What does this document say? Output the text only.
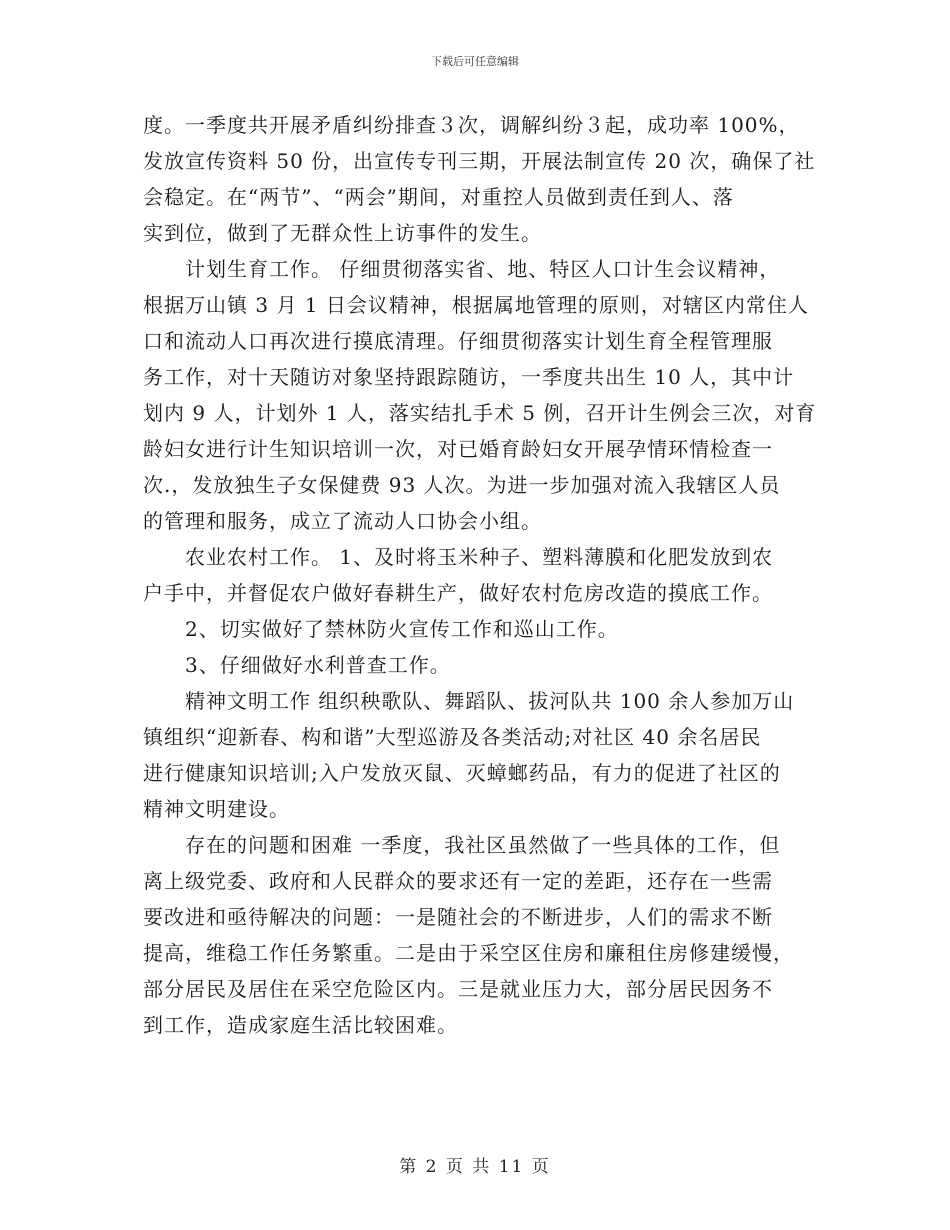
下载后可任意编辑
度。一季度共开展矛盾纠纷排查３次，调解纠纷３起，成功率 100%，
发放宣传资料 50 份，出宣传专刊三期，开展法制宣传 20 次，确保了社
会稳定。在“两节”、“两会”期间，对重控人员做到责任到人、落
实到位，做到了无群众性上访事件的发生。
计划生育工作。 仔细贯彻落实省、地、特区人口计生会议精神，
根据万山镇 3 月 1 日会议精神，根据属地管理的原则，对辖区内常住人
口和流动人口再次进行摸底清理。仔细贯彻落实计划生育全程管理服
务工作，对十天随访对象坚持跟踪随访，一季度共出生 10 人，其中计
划内 9 人，计划外 1 人，落实结扎手术 5 例，召开计生例会三次，对育
龄妇女进行计生知识培训一次，对已婚育龄妇女开展孕情环情检查一
次.，发放独生子女保健费 93 人次。为进一步加强对流入我辖区人员
的管理和服务，成立了流动人口协会小组。
农业农村工作。 1、及时将玉米种子、塑料薄膜和化肥发放到农
户手中，并督促农户做好春耕生产，做好农村危房改造的摸底工作。
2、切实做好了禁林防火宣传工作和巡山工作。
3、仔细做好水利普查工作。
精神文明工作 组织秧歌队、舞蹈队、拔河队共 100 余人参加万山
镇组织“迎新春、构和谐”大型巡游及各类活动;对社区 40 余名居民
进行健康知识培训;入户发放灭鼠、灭蟑螂药品，有力的促进了社区的
精神文明建设。
存在的问题和困难 一季度，我社区虽然做了一些具体的工作，但
离上级党委、政府和人民群众的要求还有一定的差距，还存在一些需
要改进和亟待解决的问题：一是随社会的不断进步，人们的需求不断
提高，维稳工作任务繁重。二是由于采空区住房和廉租住房修建缓慢，
部分居民及居住在采空危险区内。三是就业压力大，部分居民因务不
到工作，造成家庭生活比较困难。
第 2 页 共 11 页
